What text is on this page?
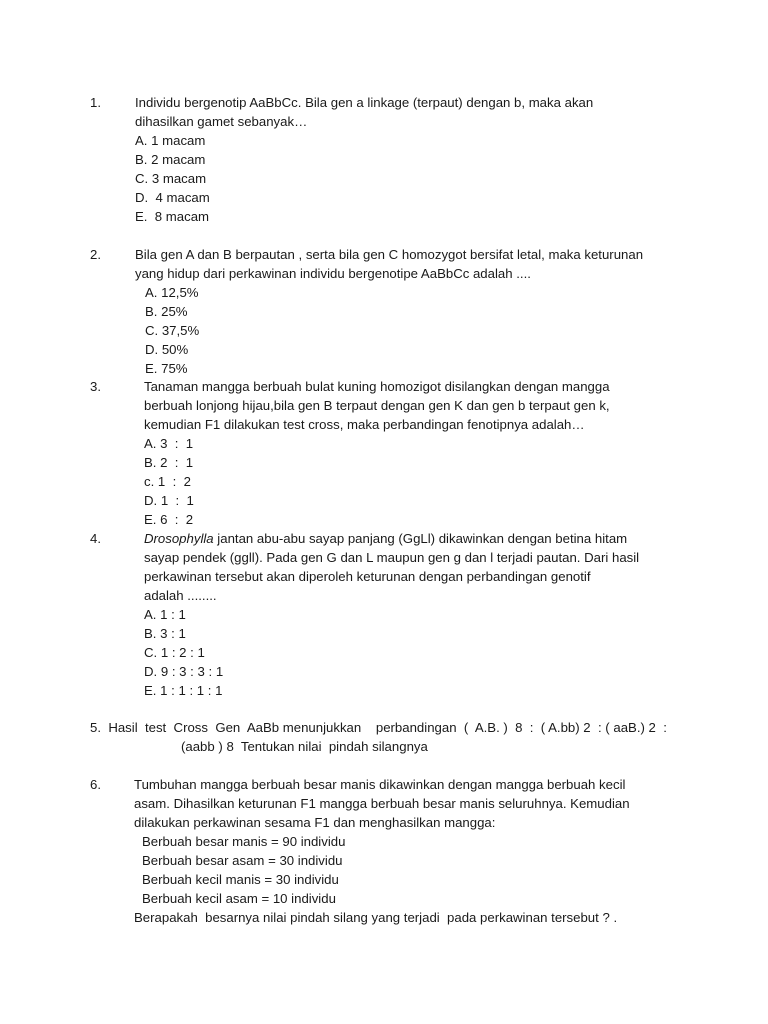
1.	Individu bergenotip AaBbCc. Bila gen a linkage (terpaut) dengan b, maka akan
dihasilkan gamet sebanyak…
A. 1 macam
B. 2 macam
C. 3 macam
D.  4 macam
E.  8 macam
2.	Bila gen A dan B berpautan , serta bila gen C homozygot bersifat letal, maka keturunan
yang hidup dari perkawinan individu bergenotipe AaBbCc adalah ....
A. 12,5%
B. 25%
C. 37,5%
D. 50%
E. 75%
3.	Tanaman mangga berbuah bulat kuning homozigot disilangkan dengan mangga
berbuah lonjong hijau,bila gen B terpaut dengan gen K dan gen b terpaut gen k,
kemudian F1 dilakukan test cross, maka perbandingan fenotipnya adalah…
A. 3  :  1
B. 2  :  1
c. 1  :  2
D. 1  :  1
E. 6  :  2
4.	Drosophylla jantan abu-abu sayap panjang (GgLl) dikawinkan dengan betina hitam
sayap pendek (ggll). Pada gen G dan L maupun gen g dan l terjadi pautan. Dari hasil
perkawinan tersebut akan diperoleh keturunan dengan perbandingan genotif
adalah ........
A. 1 : 1
B. 3 : 1
C. 1 : 2 : 1
D. 9 : 3 : 3 : 1
E. 1 : 1 : 1 : 1
5.  Hasil  test  Cross  Gen  AaBb menunjukkan    perbandingan  (  A.B. )  8  :  ( A.bb) 2  : ( aaB.) 2  :
(aabb ) 8  Tentukan nilai  pindah silangnya
6.	Tumbuhan mangga berbuah besar manis dikawinkan dengan mangga berbuah kecil
asam. Dihasilkan keturunan F1 mangga berbuah besar manis seluruhnya. Kemudian
dilakukan perkawinan sesama F1 dan menghasilkan mangga:
Berbuah besar manis = 90 individu
Berbuah besar asam = 30 individu
Berbuah kecil manis = 30 individu
Berbuah kecil asam = 10 individu
Berapakah  besarnya nilai pindah silang yang terjadi  pada perkawinan tersebut ? .
